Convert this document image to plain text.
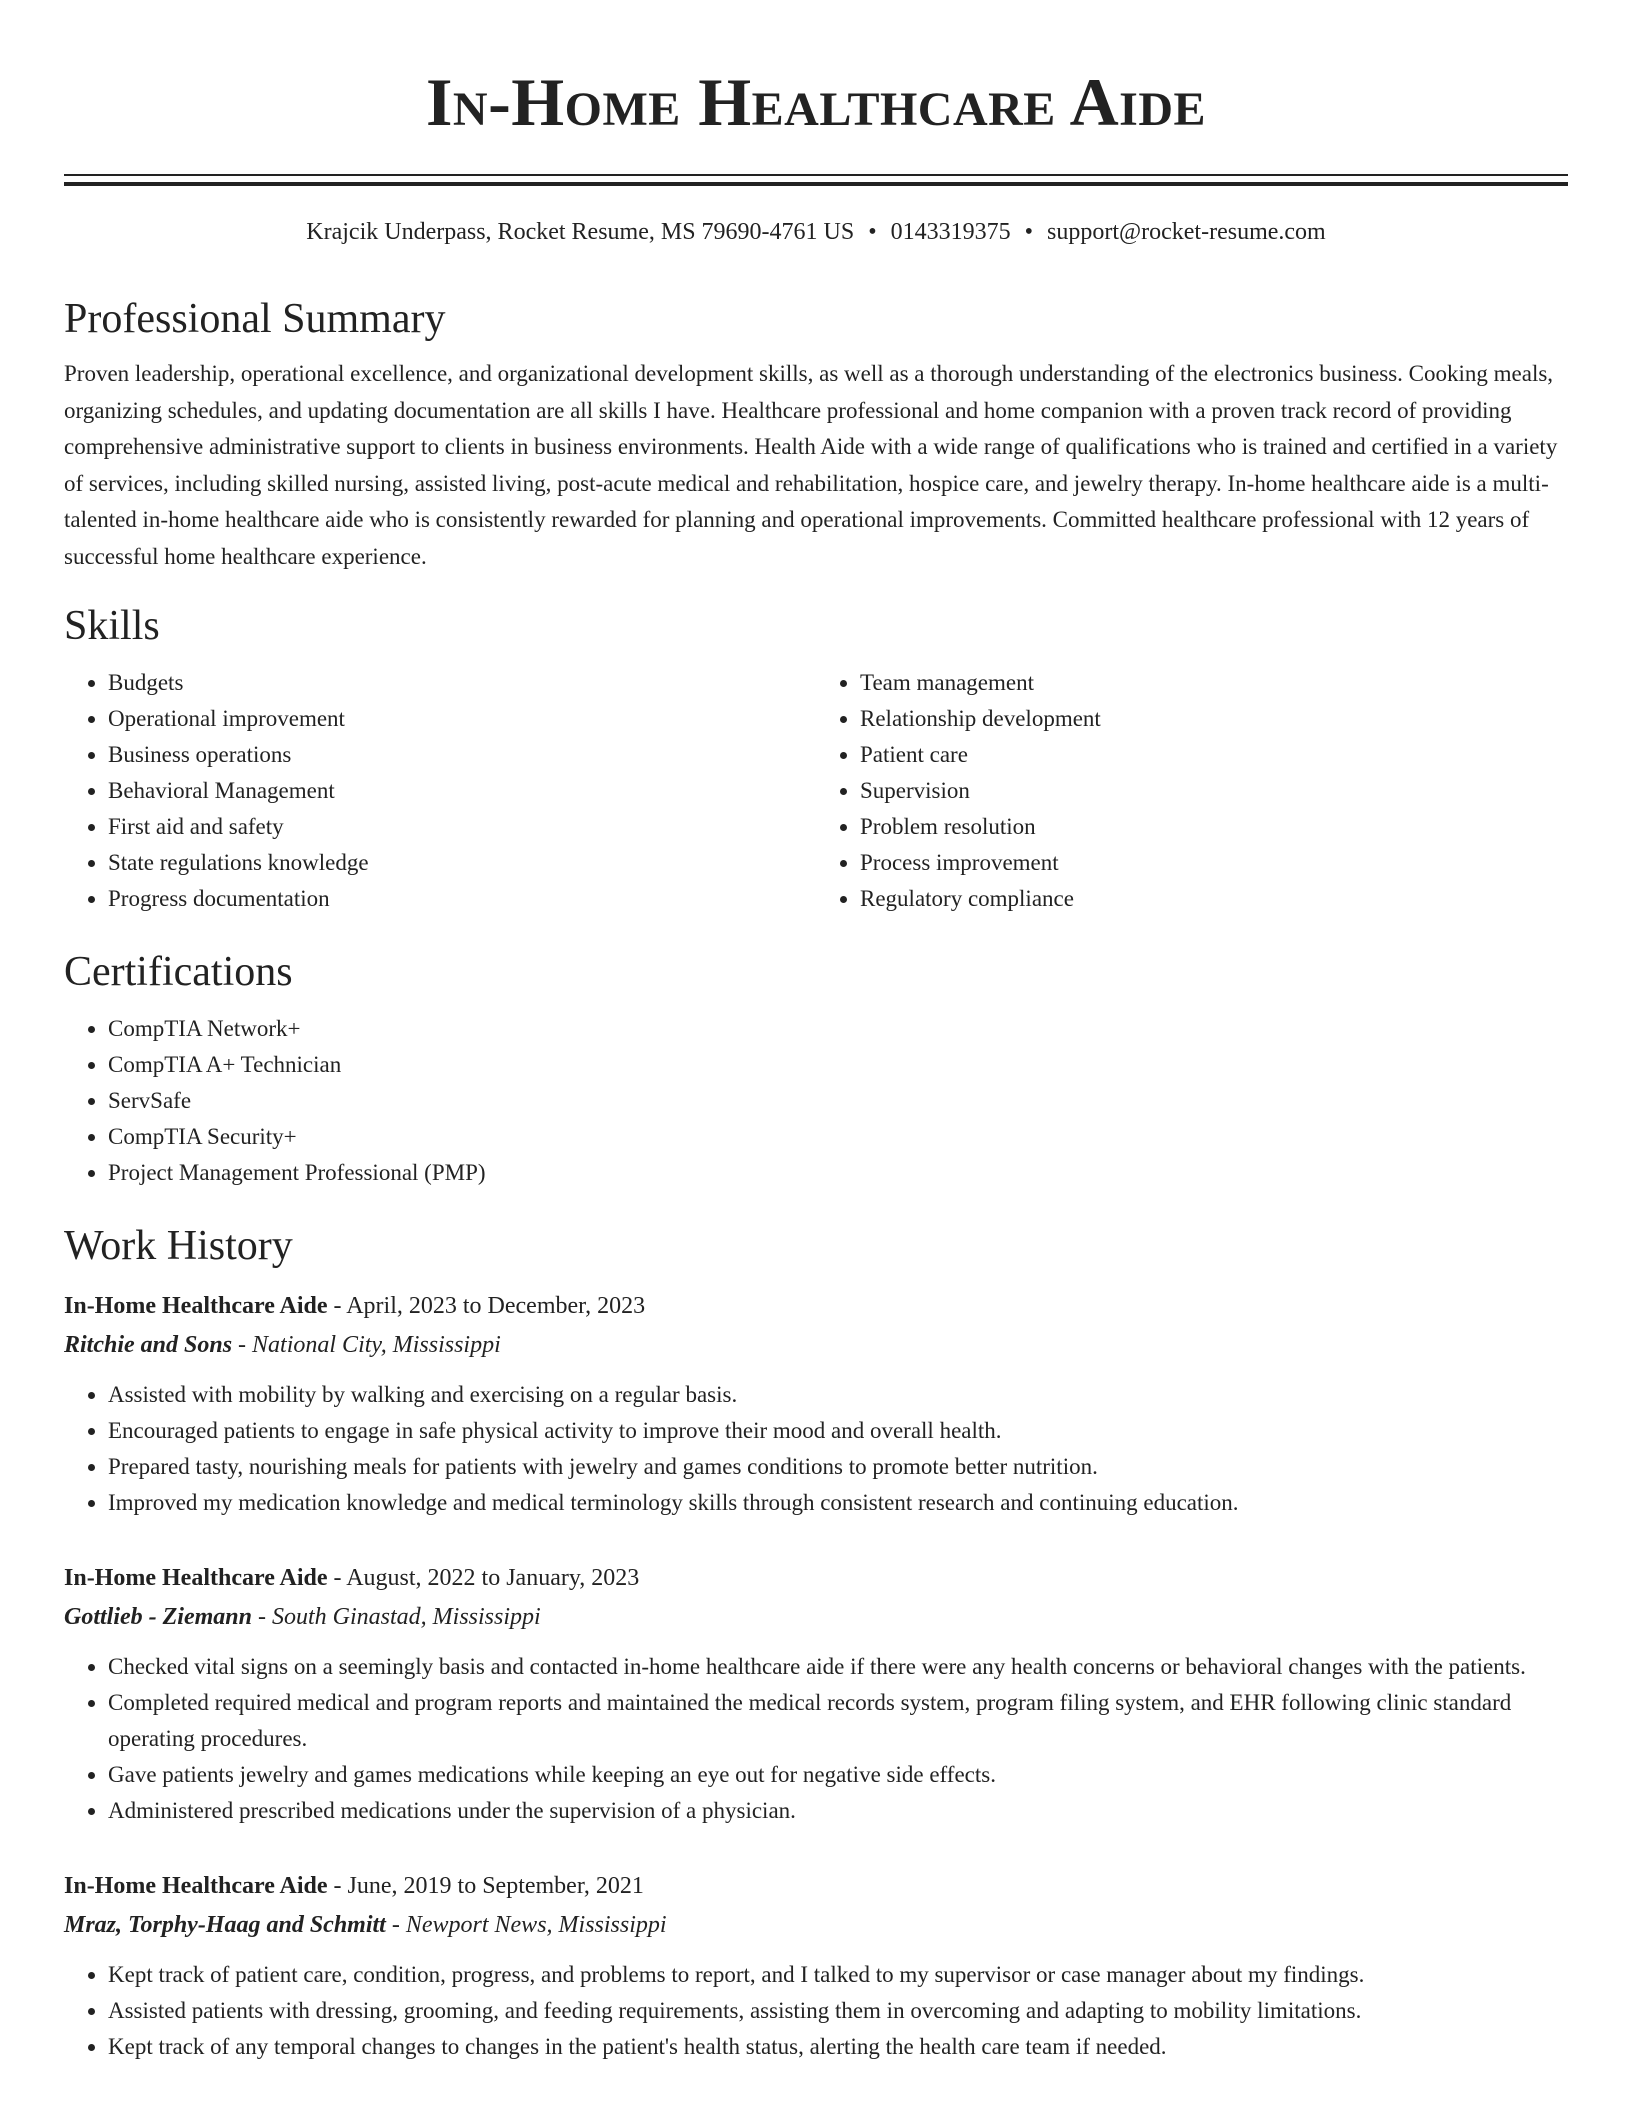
In-Home Healthcare Aide
Krajcik Underpass, Rocket Resume, MS 79690-4761 US • 0143319375 • support@rocket-resume.com
Professional Summary

Proven leadership, operational excellence, and organizational development skills, as well as a thorough understanding of the electronics business. Cooking meals, organizing schedules, and updating documentation are all skills I have. Healthcare professional and home companion with a proven track record of providing comprehensive administrative support to clients in business environments. Health Aide with a wide range of qualifications who is trained and certified in a variety of services, including skilled nursing, assisted living, post-acute medical and rehabilitation, hospice care, and jewelry therapy. In-home healthcare aide is a multi-talented in-home healthcare aide who is consistently rewarded for planning and operational improvements. Committed healthcare professional with 12 years of successful home healthcare experience.

Skills
• Budgets
• Operational improvement
• Business operations
• Behavioral Management
• First aid and safety
• State regulations knowledge
• Progress documentation
• Team management
• Relationship development
• Patient care
• Supervision
• Problem resolution
• Process improvement
• Regulatory compliance
Certifications
• CompTIA Network+
• CompTIA A+ Technician
• ServSafe
• CompTIA Security+
• Project Management Professional (PMP)
Work History
In-Home Healthcare Aide - April, 2023 to December, 2023
Ritchie and Sons - National City, Mississippi
• Assisted with mobility by walking and exercising on a regular basis.
• Encouraged patients to engage in safe physical activity to improve their mood and overall health.
• Prepared tasty, nourishing meals for patients with jewelry and games conditions to promote better nutrition.
• Improved my medication knowledge and medical terminology skills through consistent research and continuing education.
In-Home Healthcare Aide - August, 2022 to January, 2023
Gottlieb - Ziemann - South Ginastad, Mississippi
• Checked vital signs on a seemingly basis and contacted in-home healthcare aide if there were any health concerns or behavioral changes with the patients.
• Completed required medical and program reports and maintained the medical records system, program filing system, and EHR following clinic standard operating procedures.
• Gave patients jewelry and games medications while keeping an eye out for negative side effects.
• Administered prescribed medications under the supervision of a physician.
In-Home Healthcare Aide - June, 2019 to September, 2021
Mraz, Torphy-Haag and Schmitt - Newport News, Mississippi
• Kept track of patient care, condition, progress, and problems to report, and I talked to my supervisor or case manager about my findings.
• Assisted patients with dressing, grooming, and feeding requirements, assisting them in overcoming and adapting to mobility limitations.
• Kept track of any temporal changes to changes in the patient's health status, alerting the health care team if needed.
